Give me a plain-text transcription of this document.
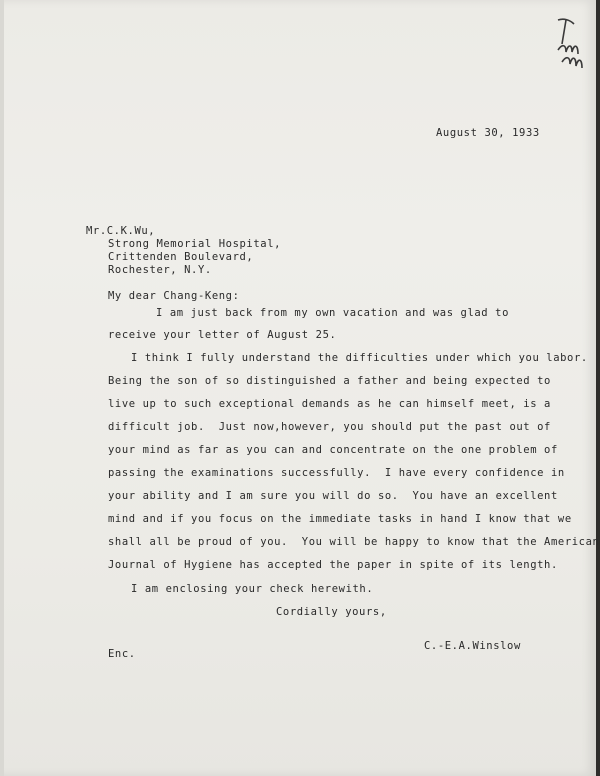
August 30, 1933
Mr.C.K.Wu,
Strong Memorial Hospital,
Crittenden Boulevard,
Rochester, N.Y.
My dear Chang-Keng:
I am just back from my own vacation and was glad to
receive your letter of August 25.
I think I fully understand the difficulties under which you labor.
Being the son of so distinguished a father and being expected to
live up to such exceptional demands as he can himself meet, is a
difficult job.  Just now,however, you should put the past out of
your mind as far as you can and concentrate on the one problem of
passing the examinations successfully.  I have every confidence in
your ability and I am sure you will do so.  You have an excellent
mind and if you focus on the immediate tasks in hand I know that we
shall all be proud of you.  You will be happy to know that the American
Journal of Hygiene has accepted the paper in spite of its length.
I am enclosing your check herewith.
Cordially yours,
C.-E.A.Winslow
Enc.
